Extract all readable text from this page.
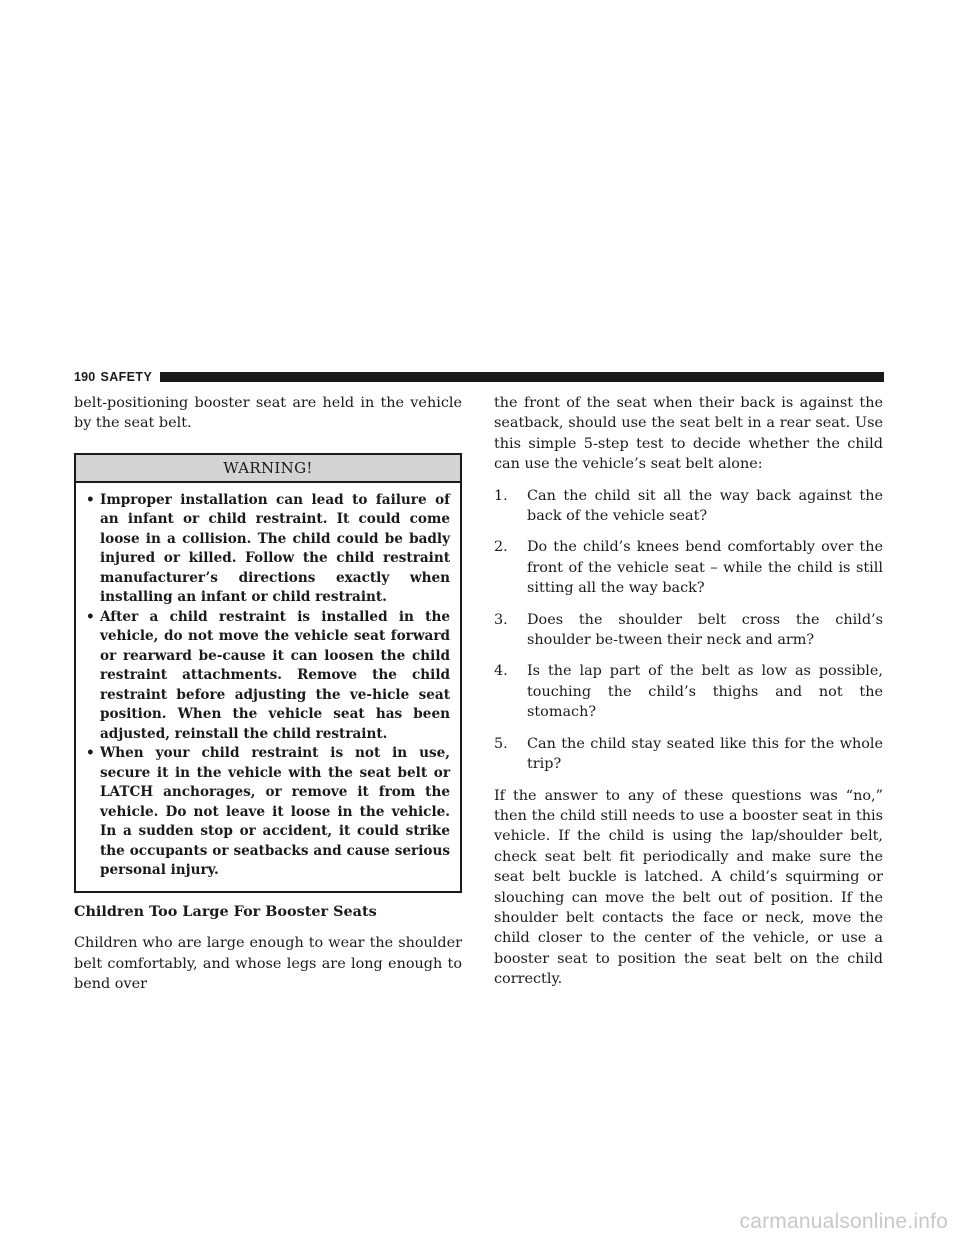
190 SAFETY

belt-positioning booster seat are held in the vehicle by the seat belt.

WARNING!
• Improper installation can lead to failure of an infant or child restraint. It could come loose in a collision. The child could be badly injured or killed. Follow the child restraint manufacturer’s directions exactly when installing an infant or child restraint.
• After a child restraint is installed in the vehicle, do not move the vehicle seat forward or rearward be-cause it can loosen the child restraint attachments. Remove the child restraint before adjusting the ve-hicle seat position. When the vehicle seat has been adjusted, reinstall the child restraint.
• When your child restraint is not in use, secure it in the vehicle with the seat belt or LATCH anchorages, or remove it from the vehicle. Do not leave it loose in the vehicle. In a sudden stop or accident, it could strike the occupants or seatbacks and cause serious personal injury.
Children Too Large For Booster Seats

Children who are large enough to wear the shoulder belt comfortably, and whose legs are long enough to bend over

the front of the seat when their back is against the seatback, should use the seat belt in a rear seat. Use this simple 5-step test to decide whether the child can use the vehicle’s seat belt alone:

1.	Can the child sit all the way back against the back of the vehicle seat?
2.	Do the child’s knees bend comfortably over the front of the vehicle seat – while the child is still sitting all the way back?
3.	Does the shoulder belt cross the child’s shoulder be-tween their neck and arm?
4.	Is the lap part of the belt as low as possible, touching the child’s thighs and not the stomach?
5.	Can the child stay seated like this for the whole trip?

If the answer to any of these questions was “no,” then the child still needs to use a booster seat in this vehicle. If the child is using the lap/shoulder belt, check seat belt fit periodically and make sure the seat belt buckle is latched. A child’s squirming or slouching can move the belt out of position. If the shoulder belt contacts the face or neck, move the child closer to the center of the vehicle, or use a booster seat to position the seat belt on the child correctly.

carmanualsonline.info
